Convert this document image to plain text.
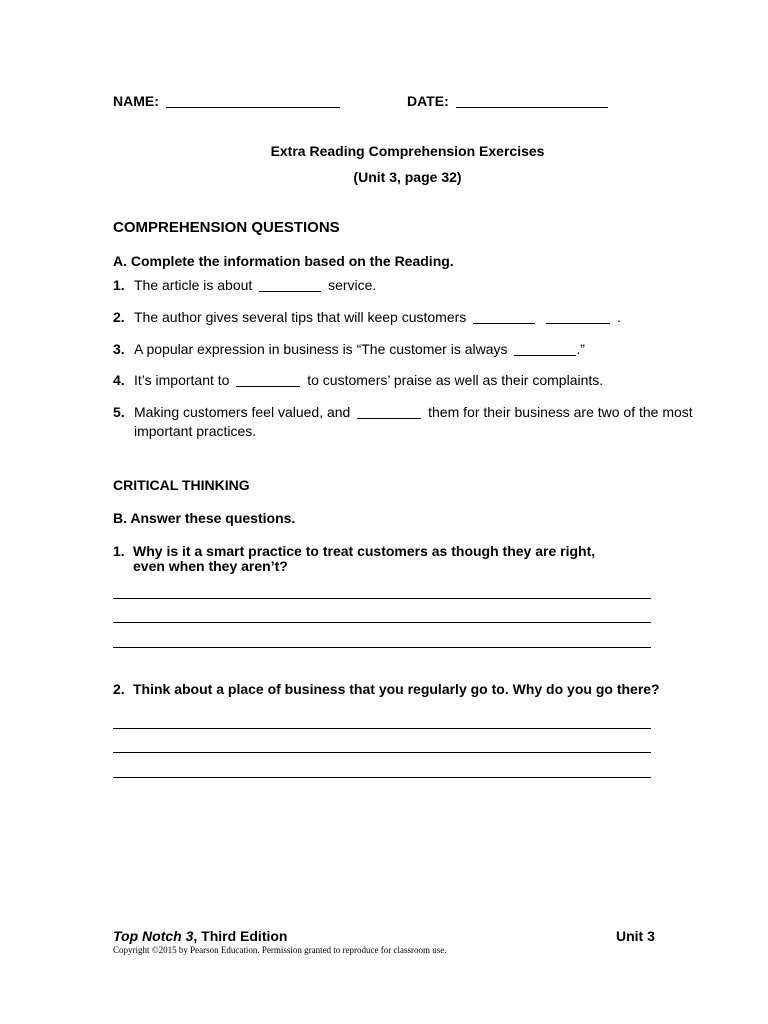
NAME:	DATE:
Extra Reading Comprehension Exercises
(Unit 3, page 32)
COMPREHENSION QUESTIONS
A. Complete the information based on the Reading.
1. The article is about	service.
2. The author gives several tips that will keep customers	.
3. A popular expression in business is “The customer is always	.”
4. It’s important to	to customers’ praise as well as their complaints.
5. Making customers feel valued, and	them for their business are two of the most
important practices.
CRITICAL THINKING
B. Answer these questions.
1. Why is it a smart practice to treat customers as though they are right,
even when they aren’t?
2. Think about a place of business that you regularly go to. Why do you go there?
Top Notch 3, Third Edition	Unit 3
Copyright ©2015 by Pearson Education. Permission granted to reproduce for classroom use.
